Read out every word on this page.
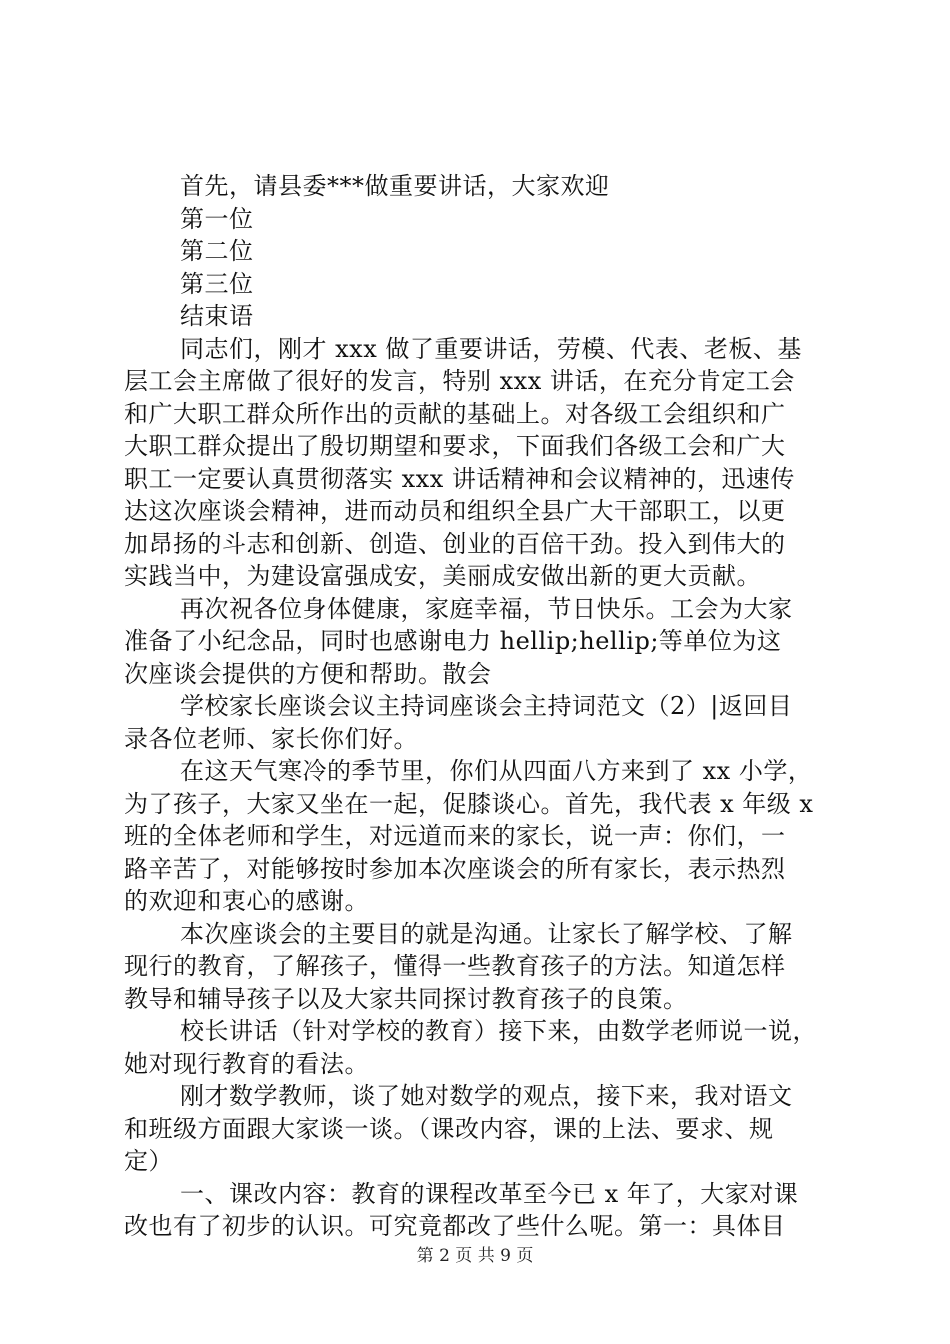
首先，请县委***做重要讲话，大家欢迎
第一位
第二位
第三位
结束语
同志们，刚才 xxx 做了重要讲话，劳模、代表、老板、基
层工会主席做了很好的发言，特别 xxx 讲话，在充分肯定工会
和广大职工群众所作出的贡献的基础上。对各级工会组织和广
大职工群众提出了殷切期望和要求，下面我们各级工会和广大
职工一定要认真贯彻落实 xxx 讲话精神和会议精神的，迅速传
达这次座谈会精神，进而动员和组织全县广大干部职工，以更
加昂扬的斗志和创新、创造、创业的百倍干劲。投入到伟大的
实践当中，为建设富强成安，美丽成安做出新的更大贡献。
再次祝各位身体健康，家庭幸福，节日快乐。工会为大家
准备了小纪念品，同时也感谢电力 hellip;hellip;等单位为这
次座谈会提供的方便和帮助。散会
学校家长座谈会议主持词座谈会主持词范文（2）|返回目
录各位老师、家长你们好。
在这天气寒冷的季节里，你们从四面八方来到了 xx 小学，
为了孩子，大家又坐在一起，促膝谈心。首先，我代表 x 年级 x
班的全体老师和学生，对远道而来的家长，说一声：你们，一
路辛苦了，对能够按时参加本次座谈会的所有家长，表示热烈
的欢迎和衷心的感谢。
本次座谈会的主要目的就是沟通。让家长了解学校、了解
现行的教育，了解孩子，懂得一些教育孩子的方法。知道怎样
教导和辅导孩子以及大家共同探讨教育孩子的良策。
校长讲话（针对学校的教育）接下来，由数学老师说一说，
她对现行教育的看法。
刚才数学教师，谈了她对数学的观点，接下来，我对语文
和班级方面跟大家谈一谈。（课改内容，课的上法、要求、规
定）
一、课改内容：教育的课程改革至今已 x 年了，大家对课
改也有了初步的认识。可究竟都改了些什么呢。第一：具体目
第 2 页 共 9 页
